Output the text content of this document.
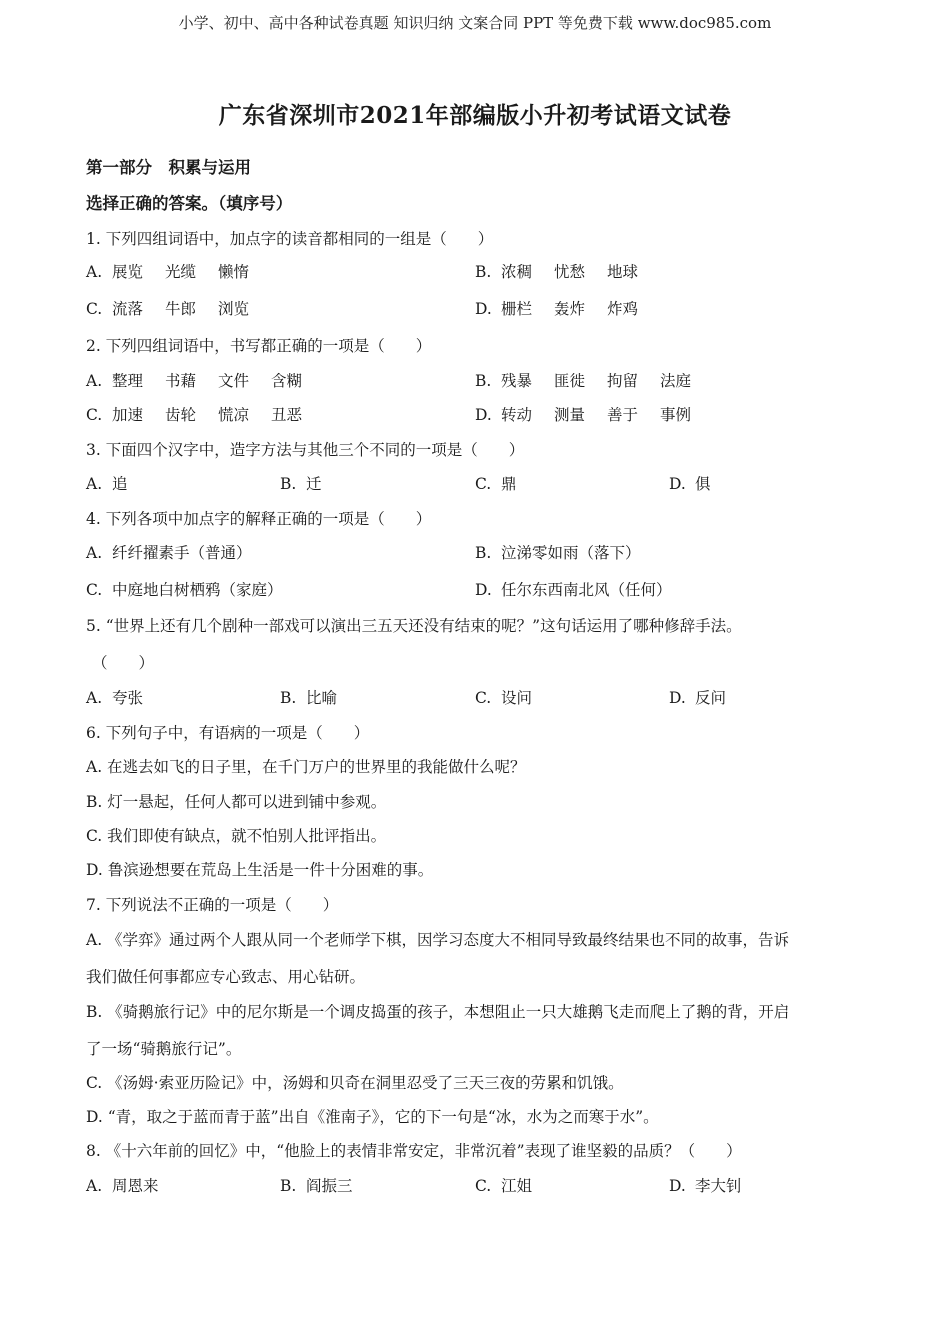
小学、初中、高中各种试卷真题 知识归纳 文案合同 PPT 等免费下载 www.doc985.com
广东省深圳市2021年部编版小升初考试语文试卷
第一部分　积累与运用
选择正确的答案。（填序号）
1. 下列四组词语中，加点字的读音都相同的一组是（　　）
A. 展览 光缆 懒惰	B. 浓稠 忧愁 地球
C. 流落 牛郎 浏览	D. 栅栏 轰炸 炸鸡
2. 下列四组词语中，书写都正确的一项是（　　）
A. 整理 书藉 文件 含糊	B. 残暴 匪徙 拘留 法庭
C. 加速 齿轮 慌凉 丑恶	D. 转动 测量 善于 事例
3. 下面四个汉字中，造字方法与其他三个不同的一项是（　　）
A. 追	B. 迁	C. 鼎	D. 俱
4. 下列各项中加点字的解释正确的一项是（　　）
A. 纤纤擢素手（普通）	B. 泣涕零如雨（落下）
C. 中庭地白树栖鸦（家庭）	D. 任尔东西南北风（任何）
5. “世界上还有几个剧种一部戏可以演出三五天还没有结束的呢？”这句话运用了哪种修辞手法。
（　　）
A. 夸张	B. 比喻	C. 设问	D. 反问
6. 下列句子中，有语病的一项是（　　）
A. 在逃去如飞的日子里，在千门万户的世界里的我能做什么呢？
B. 灯一悬起，任何人都可以进到铺中参观。
C. 我们即使有缺点，就不怕别人批评指出。
D. 鲁滨逊想要在荒岛上生活是一件十分困难的事。
7. 下列说法不正确的一项是（　　）
A. 《学弈》通过两个人跟从同一个老师学下棋，因学习态度大不相同导致最终结果也不同的故事，告诉
我们做任何事都应专心致志、用心钻研。
B. 《骑鹅旅行记》中的尼尔斯是一个调皮捣蛋的孩子，本想阻止一只大雄鹅飞走而爬上了鹅的背，开启
了一场“骑鹅旅行记”。
C. 《汤姆·索亚历险记》中，汤姆和贝奇在洞里忍受了三天三夜的劳累和饥饿。
D. “青，取之于蓝而青于蓝”出自《淮南子》，它的下一句是“冰，水为之而寒于水”。
8. 《十六年前的回忆》中，“他脸上的表情非常安定，非常沉着”表现了谁坚毅的品质？（　　）
A. 周恩来	B. 阎振三	C. 江姐	D. 李大钊
